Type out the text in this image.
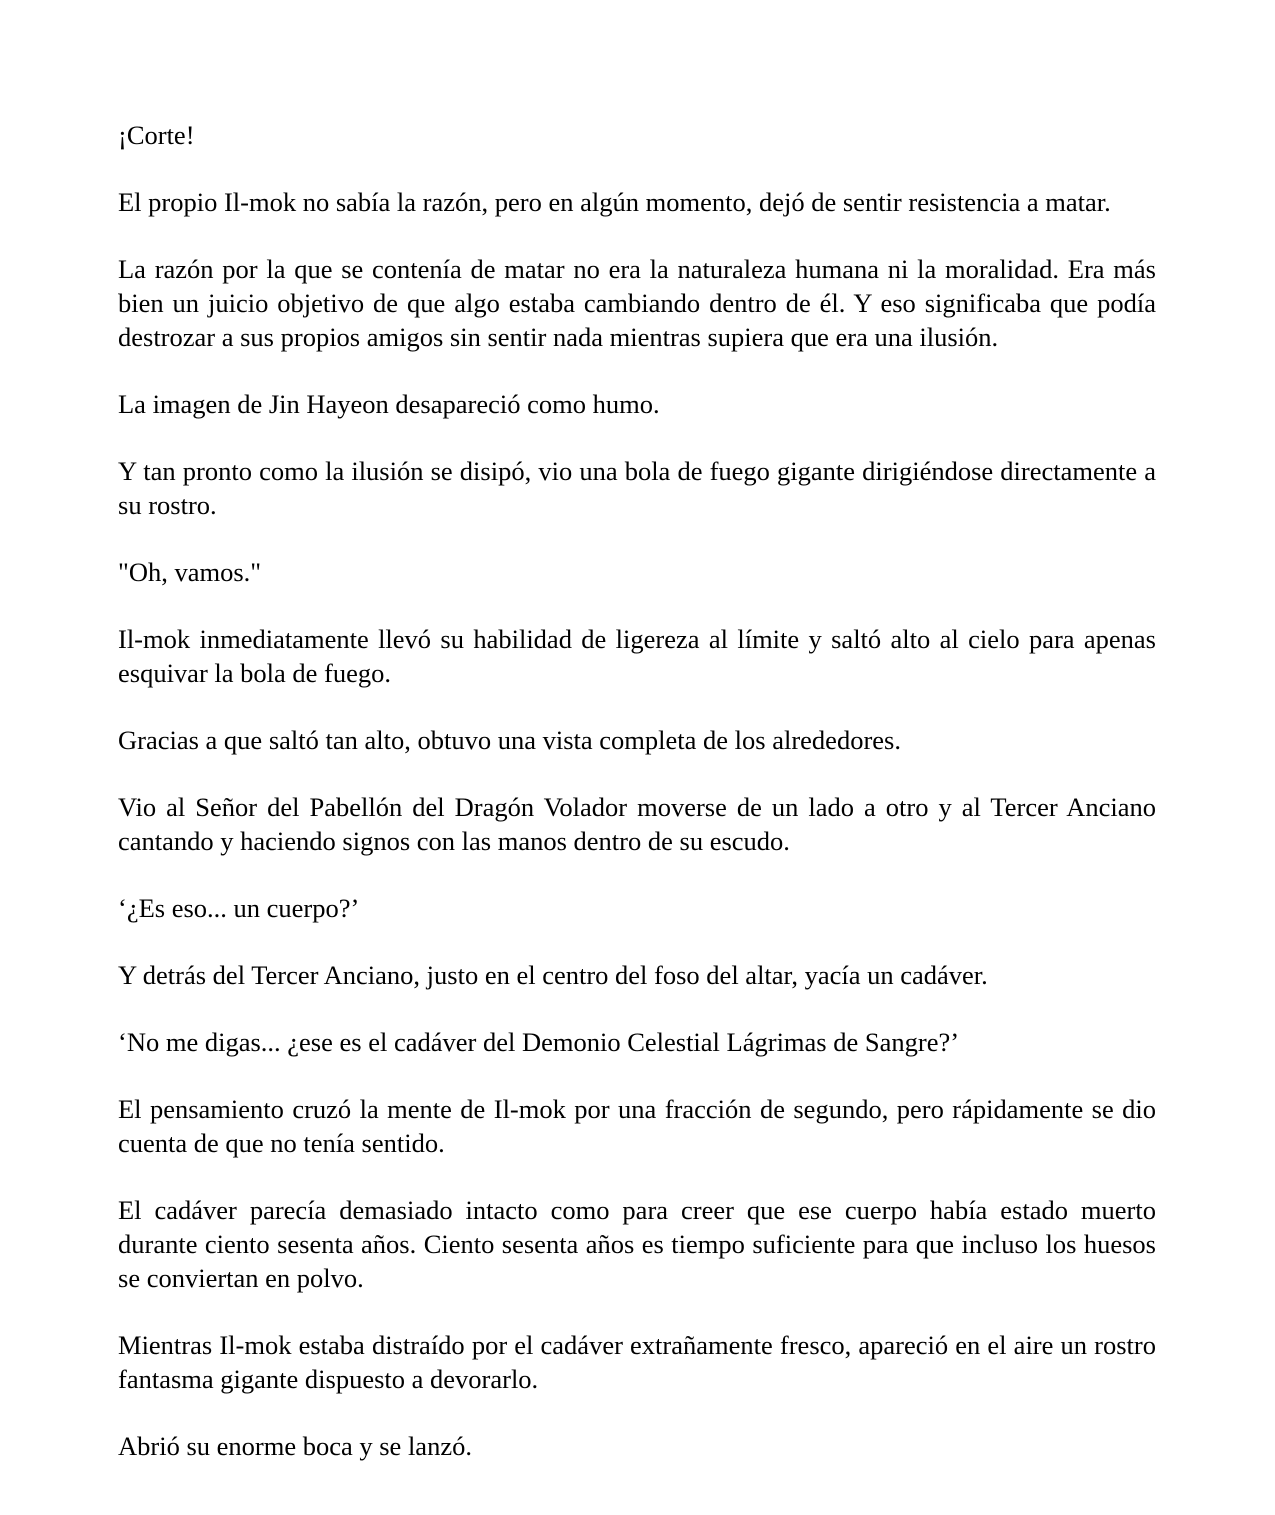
¡Corte!

El propio Il-mok no sabía la razón, pero en algún momento, dejó de sentir resistencia a matar.

La razón por la que se contenía de matar no era la naturaleza humana ni la moralidad. Era más bien un juicio objetivo de que algo estaba cambiando dentro de él. Y eso significaba que podía destrozar a sus propios amigos sin sentir nada mientras supiera que era una ilusión.

La imagen de Jin Hayeon desapareció como humo.

Y tan pronto como la ilusión se disipó, vio una bola de fuego gigante dirigiéndose directamente a su rostro.

"Oh, vamos."

Il-mok inmediatamente llevó su habilidad de ligereza al límite y saltó alto al cielo para apenas esquivar la bola de fuego.

Gracias a que saltó tan alto, obtuvo una vista completa de los alrededores.

Vio al Señor del Pabellón del Dragón Volador moverse de un lado a otro y al Tercer Anciano cantando y haciendo signos con las manos dentro de su escudo.

‘¿Es eso... un cuerpo?’

Y detrás del Tercer Anciano, justo en el centro del foso del altar, yacía un cadáver.

‘No me digas... ¿ese es el cadáver del Demonio Celestial Lágrimas de Sangre?’

El pensamiento cruzó la mente de Il-mok por una fracción de segundo, pero rápidamente se dio cuenta de que no tenía sentido.

El cadáver parecía demasiado intacto como para creer que ese cuerpo había estado muerto durante ciento sesenta años. Ciento sesenta años es tiempo suficiente para que incluso los huesos se conviertan en polvo.

Mientras Il-mok estaba distraído por el cadáver extrañamente fresco, apareció en el aire un rostro fantasma gigante dispuesto a devorarlo.

Abrió su enorme boca y se lanzó.
